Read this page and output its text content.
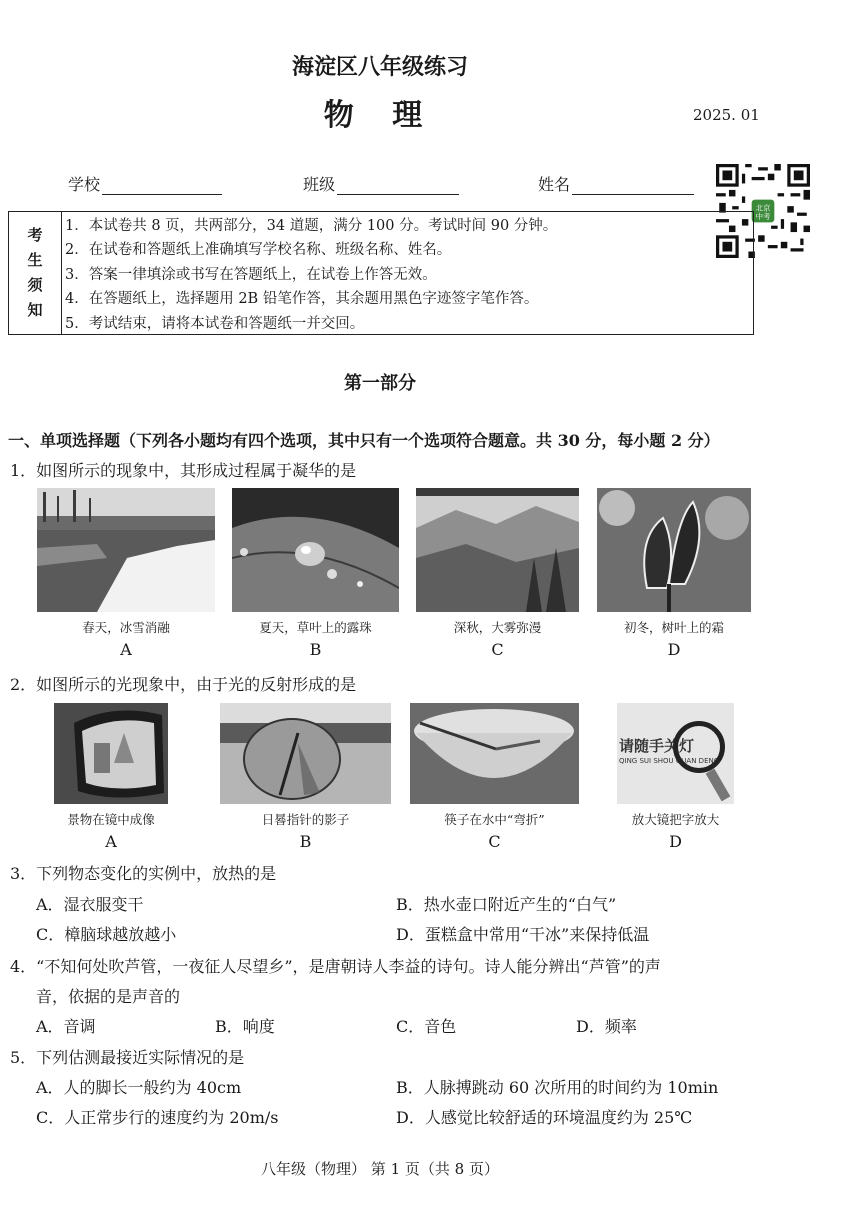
海淀区八年级练习
物 理	2025. 01
学校	班级	姓名
北京
中考
考
生
须
知
1．本试卷共 8 页，共两部分，34 道题，满分 100 分。考试时间 90 分钟。
2．在试卷和答题纸上准确填写学校名称、班级名称、姓名。
3．答案一律填涂或书写在答题纸上，在试卷上作答无效。
4．在答题纸上，选择题用 2B 铅笔作答，其余题用黑色字迹签字笔作答。
5．考试结束，请将本试卷和答题纸一并交回。
第一部分
一、单项选择题（下列各小题均有四个选项，其中只有一个选项符合题意。共 30 分，每小题 2 分）
1．如图所示的现象中，其形成过程属于凝华的是
春天，冰雪消融	夏天，草叶上的露珠	深秋，大雾弥漫	初冬，树叶上的霜
A	B	C	D
2．如图所示的光现象中，由于光的反射形成的是
请随手关灯
QING SUI SHOU GUAN DENG
景物在镜中成像	日晷指针的影子	筷子在水中“弯折”	放大镜把字放大
A	B	C	D
3．下列物态变化的实例中，放热的是
A．湿衣服变干	B．热水壶口附近产生的“白气”
C．樟脑球越放越小	D．蛋糕盒中常用“干冰”来保持低温
4．“不知何处吹芦管，一夜征人尽望乡”，是唐朝诗人李益的诗句。诗人能分辨出“芦管”的声
音，依据的是声音的
A．音调	B．响度	C．音色	D．频率
5．下列估测最接近实际情况的是
A．人的脚长一般约为 40cm	B．人脉搏跳动 60 次所用的时间约为 10min
C．人正常步行的速度约为 20m/s	D．人感觉比较舒适的环境温度约为 25℃
八年级（物理） 第 1 页（共 8 页）
